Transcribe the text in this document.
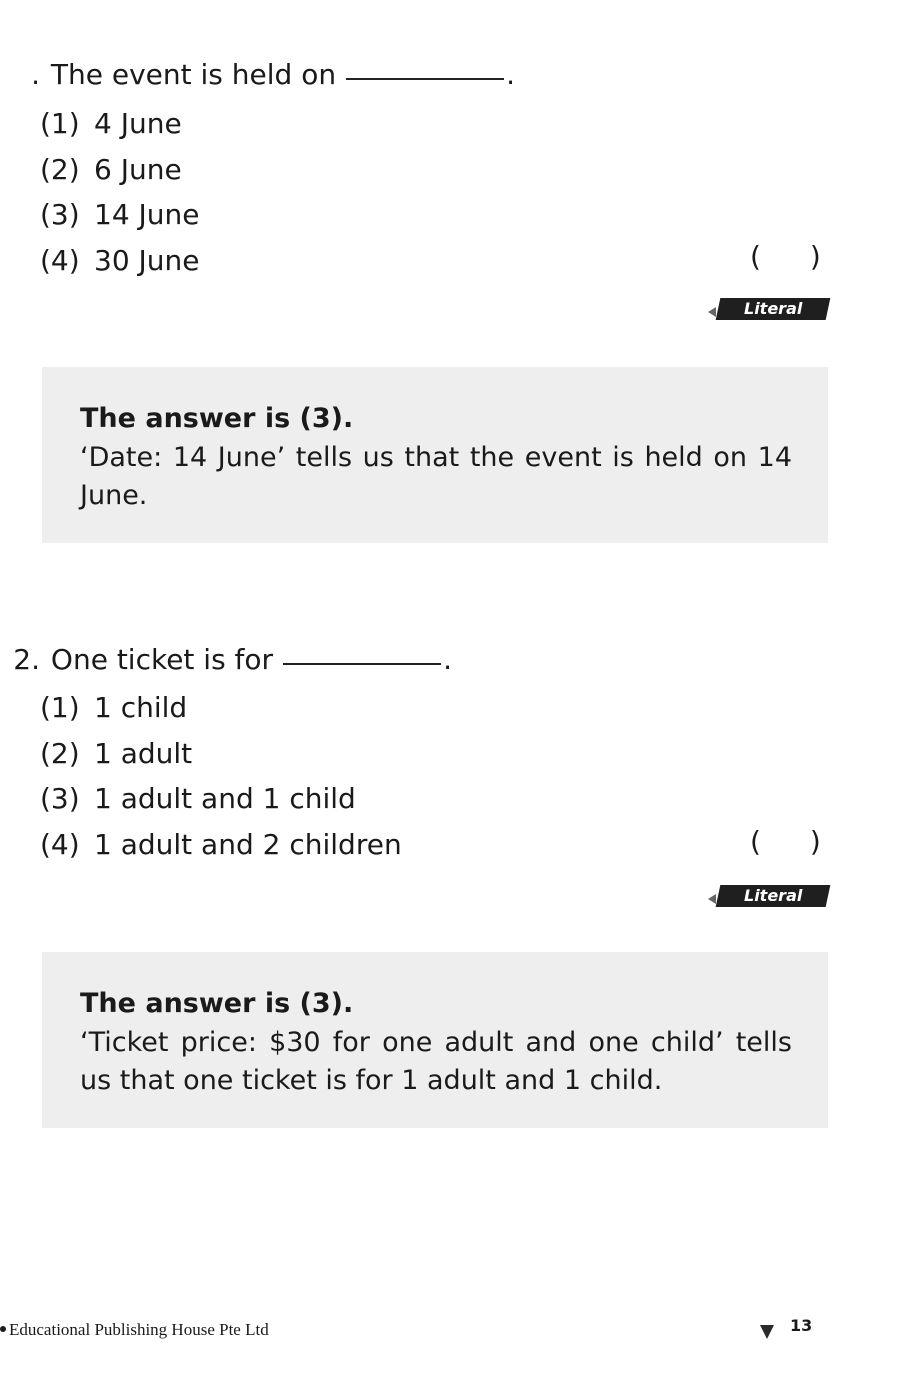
. The event is held on	.
(1) 4 June
(2) 6 June
(3) 14 June
(4) 30 June	( )
Literal
The answer is (3).
‘Date: 14 June’ tells us that the event is held on 14 June.
2. One ticket is for	.
(1) 1 child
(2) 1 adult
(3) 1 adult and 1 child
(4) 1 adult and 2 children	( )
Literal
The answer is (3).
‘Ticket price: $30 for one adult and one child’ tells us that one ticket is for 1 adult and 1 child.
Educational Publishing House Pte Ltd	13
